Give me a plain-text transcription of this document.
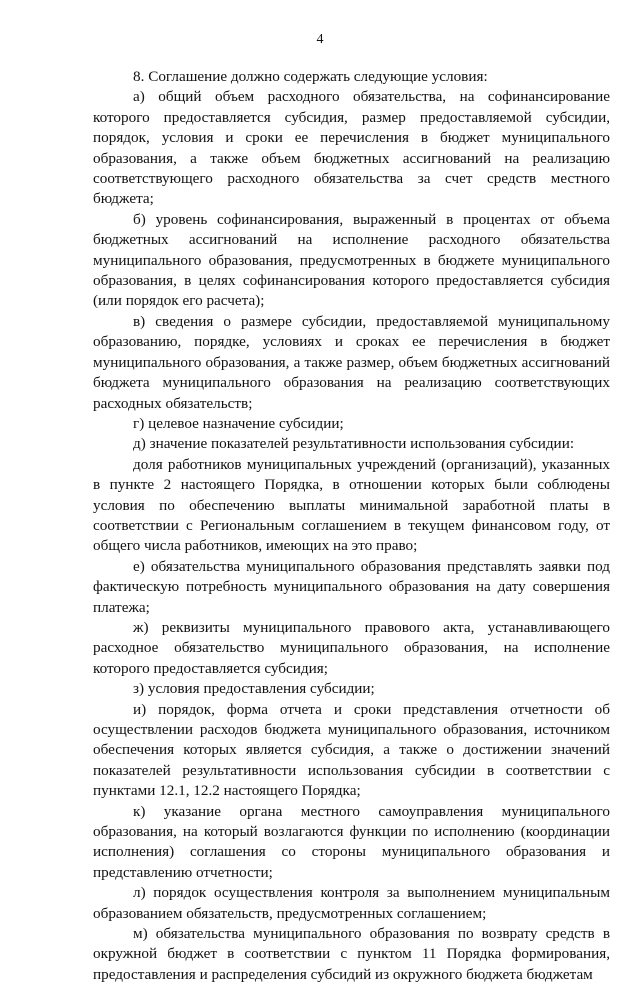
4

8. Соглашение должно содержать следующие условия:

а) общий объем расходного обязательства, на софинансирование которого предоставляется субсидия, размер предоставляемой субсидии, порядок, условия и сроки ее перечисления в бюджет муниципального образования, а также объем бюджетных ассигнований на реализацию соответствующего расходного обязательства за счет средств местного бюджета;

б) уровень софинансирования, выраженный в процентах от объема бюджетных ассигнований на исполнение расходного обязательства муниципального образования, предусмотренных в бюджете муниципального образования, в целях софинансирования которого предоставляется субсидия (или порядок его расчета);

в) сведения о размере субсидии, предоставляемой муниципальному образованию, порядке, условиях и сроках ее перечисления в бюджет муниципального образования, а также размер, объем бюджетных ассигнований бюджета муниципального образования на реализацию соответствующих расходных обязательств;

г) целевое назначение субсидии;

д) значение показателей результативности использования субсидии:

доля работников муниципальных учреждений (организаций), указанных в пункте 2 настоящего Порядка, в отношении которых были соблюдены условия по обеспечению выплаты минимальной заработной платы в соответствии с Региональным соглашением в текущем финансовом году, от общего числа работников, имеющих на это право;

е) обязательства муниципального образования представлять заявки под фактическую потребность муниципального образования на дату совершения платежа;

ж) реквизиты муниципального правового акта, устанавливающего расходное обязательство муниципального образования, на исполнение которого предоставляется субсидия;

з) условия предоставления субсидии;

и) порядок, форма отчета и сроки представления отчетности об осуществлении расходов бюджета муниципального образования, источником обеспечения которых является субсидия, а также о достижении значений показателей результативности использования субсидии в соответствии с пунктами 12.1, 12.2 настоящего Порядка;

к) указание органа местного самоуправления муниципального образования, на который возлагаются функции по исполнению (координации исполнения) соглашения со стороны муниципального образования и представлению отчетности;

л) порядок осуществления контроля за выполнением муниципальным образованием обязательств, предусмотренных соглашением;

м) обязательства муниципального образования по возврату средств в окружной бюджет в соответствии с пунктом 11 Порядка формирования, предоставления и распределения субсидий из окружного бюджета бюджетам
